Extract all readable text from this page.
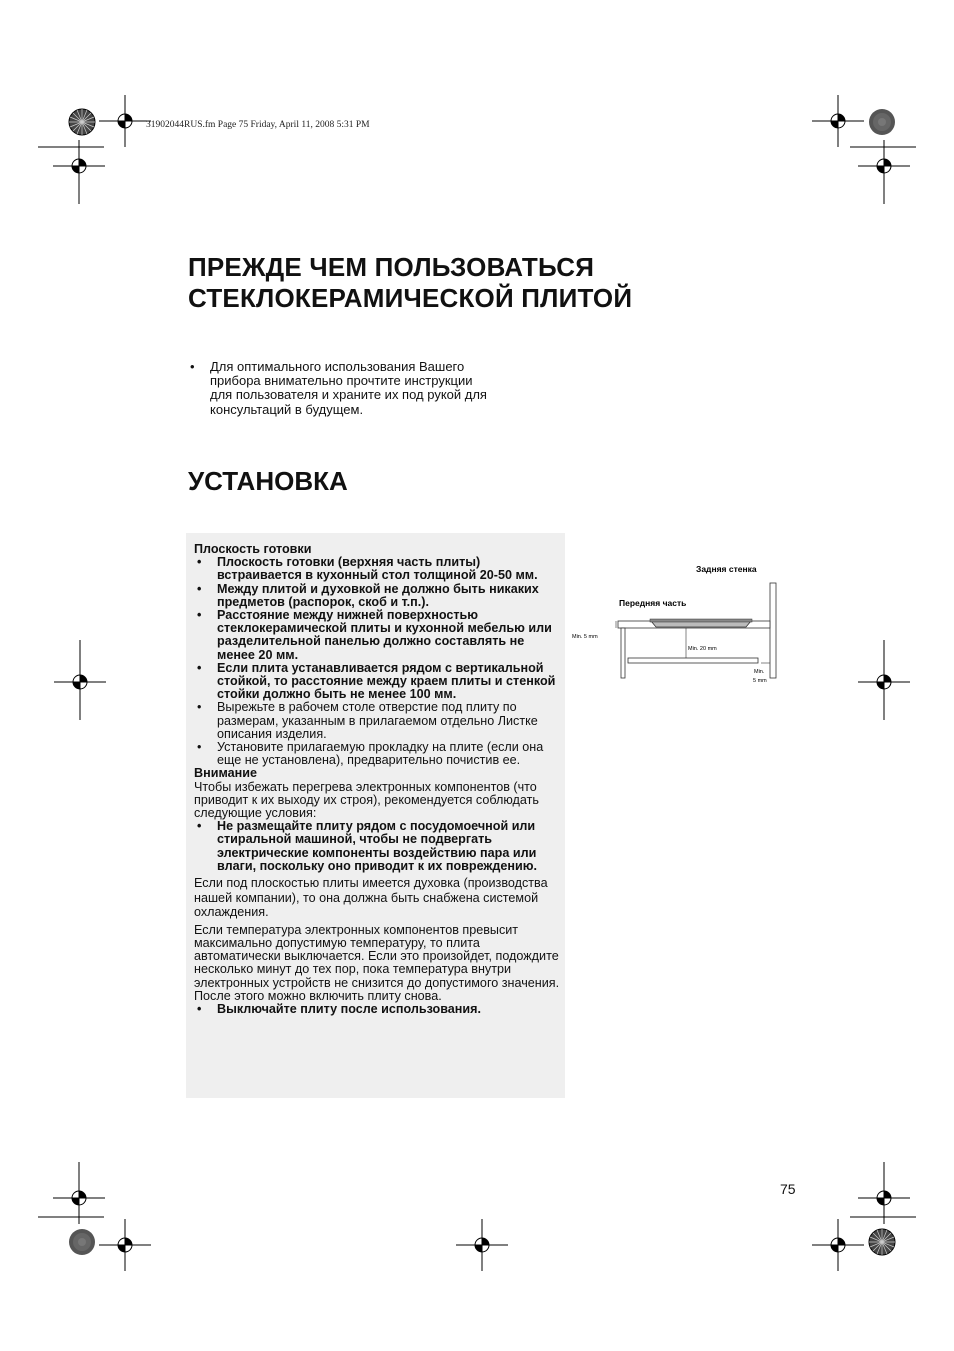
31902044RUS.fm Page 75 Friday, April 11, 2008 5:31 PM
ПРЕЖДЕ ЧЕМ ПОЛЬЗОВАТЬСЯ
СТЕКЛОКЕРАМИЧЕСКОЙ ПЛИТОЙ
• Для оптимального использования Вашего прибора внимательно прочтите инструкции для пользователя и храните их под рукой для консультаций в будущем.
УСТАНОВКА

Плоскость готовки

• Плоскость готовки (верхняя часть плиты) встраивается в кухонный стол толщиной 20-50 мм.
• Между плитой и духовкой не должно быть никаких предметов (распорок, скоб и т.п.).
• Расстояние между нижней поверхностью стеклокерамической плиты и кухонной мебелью или разделительной панелью должно составлять не менее 20 мм.
• Если плита устанавливается рядом с вертикальной стойкой, то расстояние между краем плиты и стенкой стойки должно быть не менее 100 мм.
• Вырежьте в рабочем столе отверстие под плиту по размерам, указанным в прилагаемом отдельно Листке описания изделия.
• Установите прилагаемую прокладку на плите (если она еще не установлена), предварительно почистив ее.

Внимание

Чтобы избежать перегрева электронных компонентов (что приводит к их выходу их строя), рекомендуется соблюдать следующие условия:

• Не размещайте плиту рядом с посудомоечной или стиральной машиной, чтобы не подвергать электрические компоненты воздействию пара или влаги, поскольку оно приводит к их повреждению.

Если под плоскостью плиты имеется духовка (производства нашей компании), то она должна быть снабжена системой охлаждения.

Если температура электронных компонентов превысит максимально допустимую температуру, то плита автоматически выключается. Если это произойдет, подождите несколько минут до тех пор, пока температура внутри электронных устройств не снизится до допустимого значения. После этого можно включить плиту снова.

• Выключайте плиту после использования.
Задняя стенка
Передняя часть
Min. 5 mm
Min. 20 mm
Min.
5 mm
75
